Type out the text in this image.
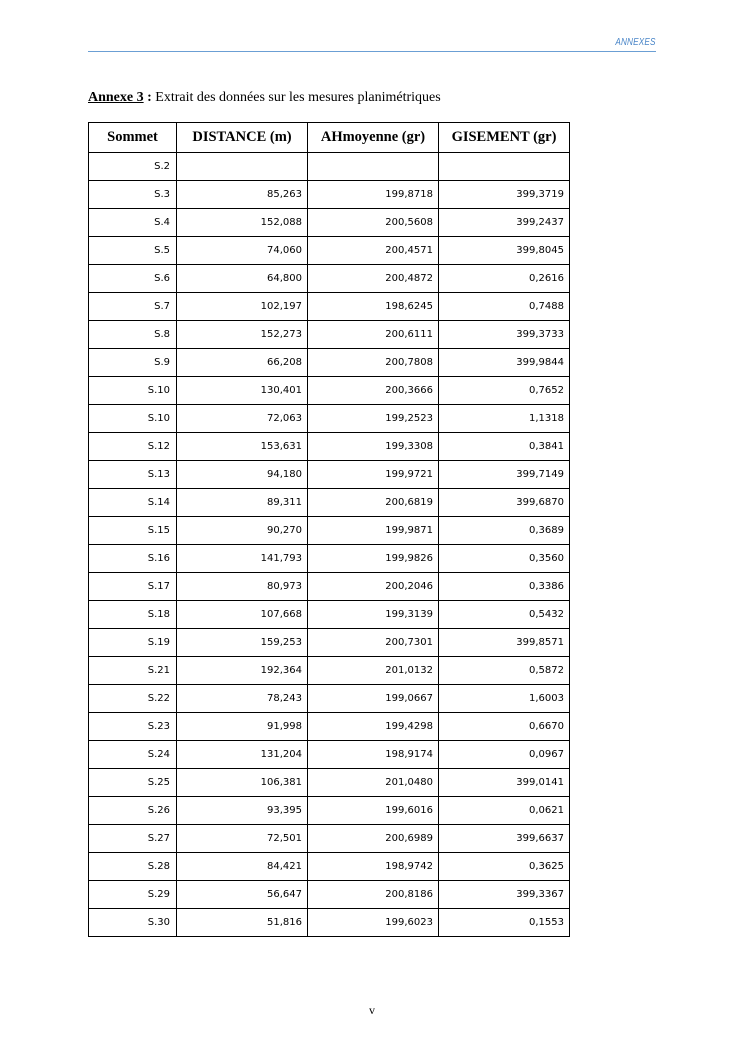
ANNEXES
Annexe 3 : Extrait des données sur les mesures planimétriques
Sommet	DISTANCE (m)	AHmoyenne (gr)	GISEMENT (gr)
S.2			
S.3	85,263	199,8718	399,3719
S.4	152,088	200,5608	399,2437
S.5	74,060	200,4571	399,8045
S.6	64,800	200,4872	0,2616
S.7	102,197	198,6245	0,7488
S.8	152,273	200,6111	399,3733
S.9	66,208	200,7808	399,9844
S.10	130,401	200,3666	0,7652
S.10	72,063	199,2523	1,1318
S.12	153,631	199,3308	0,3841
S.13	94,180	199,9721	399,7149
S.14	89,311	200,6819	399,6870
S.15	90,270	199,9871	0,3689
S.16	141,793	199,9826	0,3560
S.17	80,973	200,2046	0,3386
S.18	107,668	199,3139	0,5432
S.19	159,253	200,7301	399,8571
S.21	192,364	201,0132	0,5872
S.22	78,243	199,0667	1,6003
S.23	91,998	199,4298	0,6670
S.24	131,204	198,9174	0,0967
S.25	106,381	201,0480	399,0141
S.26	93,395	199,6016	0,0621
S.27	72,501	200,6989	399,6637
S.28	84,421	198,9742	0,3625
S.29	56,647	200,8186	399,3367
S.30	51,816	199,6023	0,1553
v
